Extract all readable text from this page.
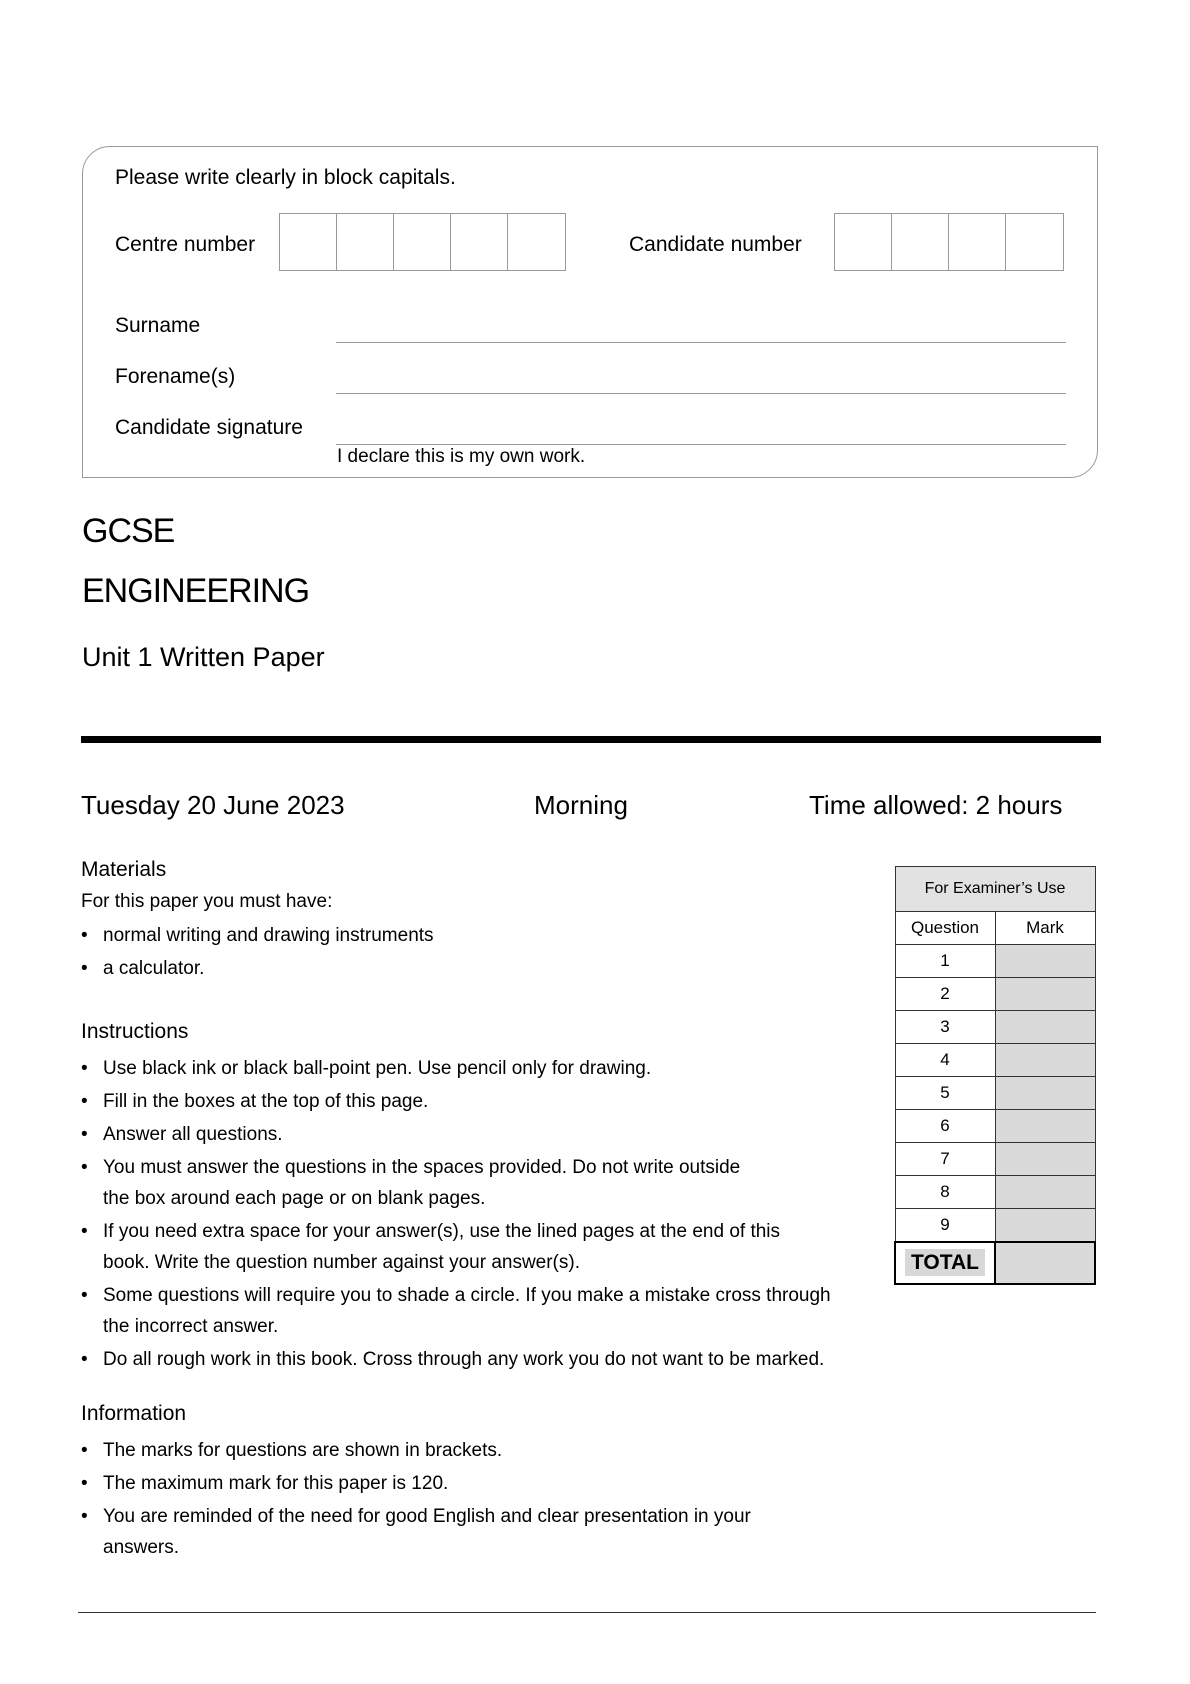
Please write clearly in block capitals.
Centre number	Candidate number
Surname
Forename(s)
Candidate signature
I declare this is my own work.
GCSE
ENGINEERING
Unit 1 Written Paper
Tuesday 20 June 2023	Morning	Time allowed: 2 hours
Materials
For this paper you must have:
• normal writing and drawing instruments
• a calculator.
Instructions
• Use black ink or black ball-point pen. Use pencil only for drawing.
• Fill in the boxes at the top of this page.
• Answer all questions.
• You must answer the questions in the spaces provided. Do not write outside the box around each page or on blank pages.
• If you need extra space for your answer(s), use the lined pages at the end of this book. Write the question number against your answer(s).
• Some questions will require you to shade a circle. If you make a mistake cross through the incorrect answer.
• Do all rough work in this book. Cross through any work you do not want to be marked.
Information
• The marks for questions are shown in brackets.
• The maximum mark for this paper is 120.
• You are reminded of the need for good English and clear presentation in your answers.
For Examiner’s Use	
Question	Mark
1	
2	
3	
4	
5	
6	
7	
8	
9	
TOTAL	
